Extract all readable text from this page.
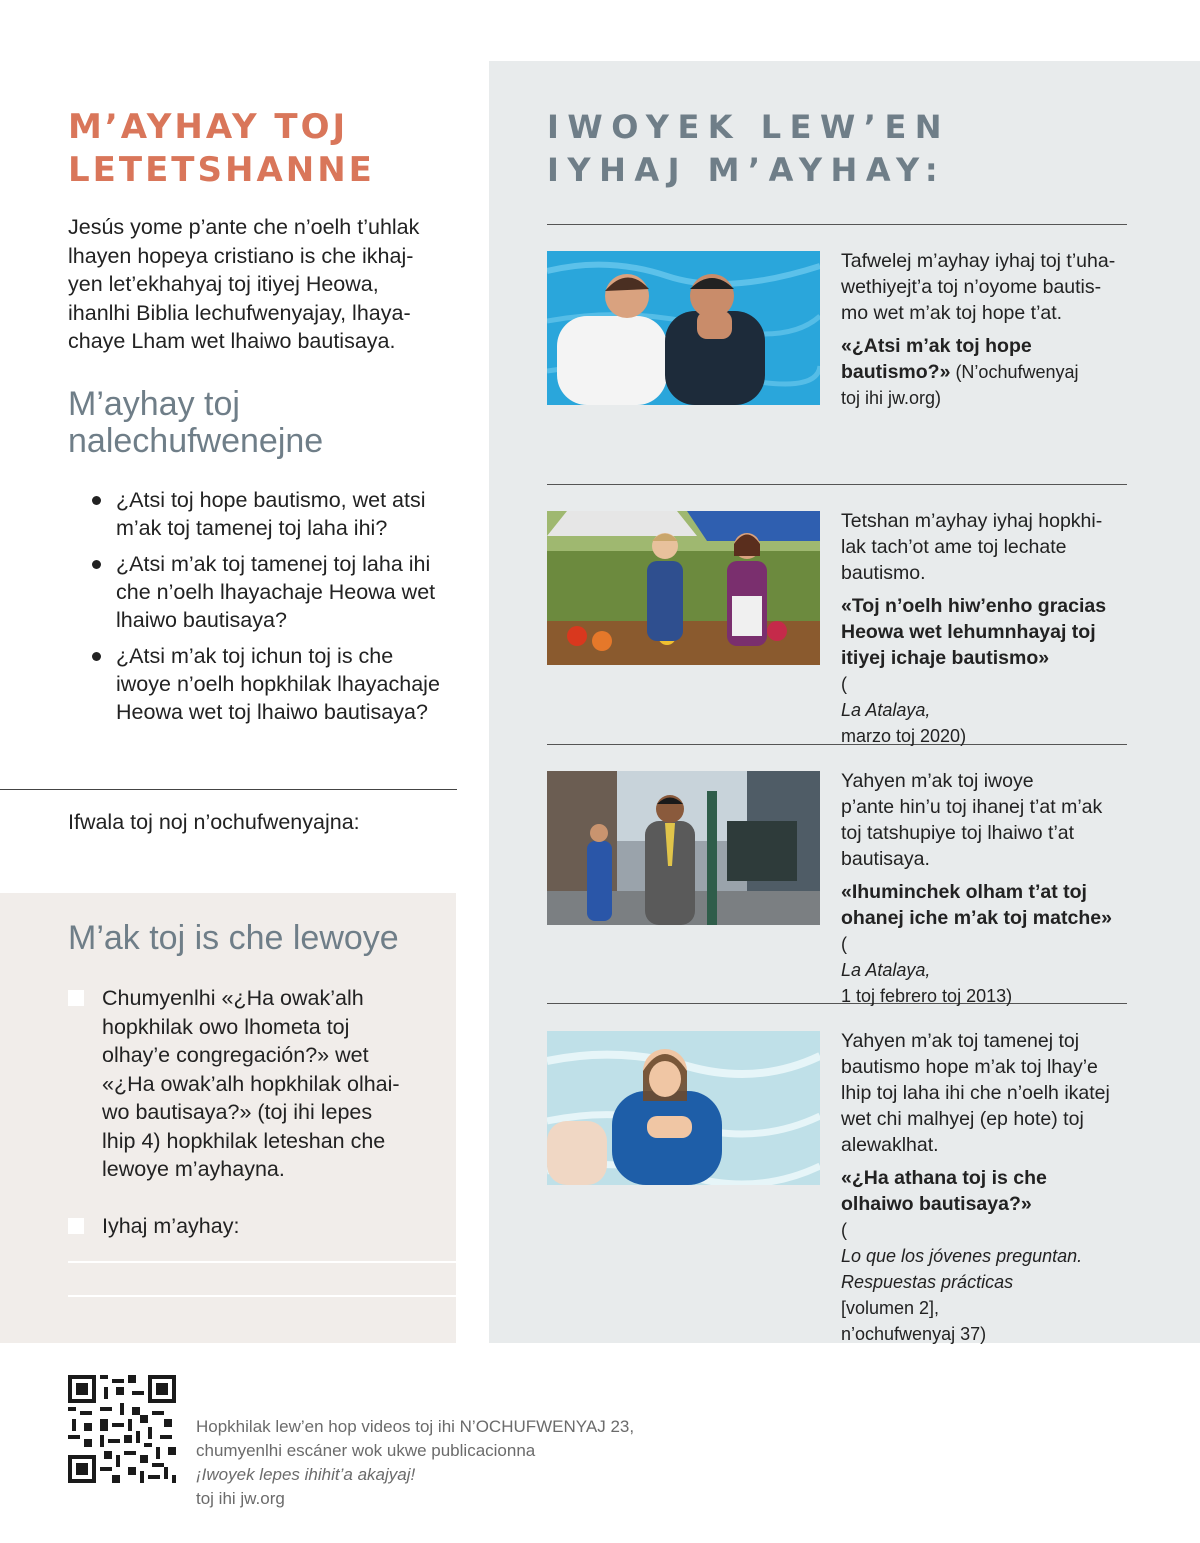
M’AYHAY TOJ
LETETSHANNE
Jesús yome p’ante che n’oelh t’uhlak
lhayen hopeya cristiano is che ikhaj-
yen let’ekhahyaj toj itiyej Heowa,
ihanlhi Biblia lechufwenyajay, lhaya-
chaye Lham wet lhaiwo bautisaya.
M’ayhay toj
nalechufwenejne
¿Atsi toj hope bautismo, wet atsi
m’ak toj tamenej toj laha ihi?
¿Atsi m’ak toj tamenej toj laha ihi
che n’oelh lhayachaje Heowa wet
lhaiwo bautisaya?
¿Atsi m’ak toj ichun toj is che
iwoye n’oelh hopkhilak lhayachaje
Heowa wet toj lhaiwo bautisaya?
Ifwala toj noj n’ochufwenyajna:
M’ak toj is che lewoye
Chumyenlhi «¿Ha owak’alh
hopkhilak owo lhometa toj
olhay’e congregación?» wet
«¿Ha owak’alh hopkhilak olhai-
wo bautisaya?» (toj ihi lepes
lhip 4) hopkhilak leteshan che
lewoye m’ayhayna.
Iyhaj m’ayhay:
IWOYEK LEW’EN
IYHAJ M’AYHAY:
Tafwelej m’ayhay iyhaj toj t’uha-
wethiyejt’a toj n’oyome bautis-
mo wet m’ak toj hope t’at.
«¿Atsi m’ak toj hope
bautismo?» (N’ochufwenyaj
toj ihi jw.org)
Tetshan m’ayhay iyhaj hopkhi-
lak tach’ot ame toj lechate
bautismo.
«Toj n’oelh hiw’enho gracias
Heowa wet lehumnhayaj toj
itiyej ichaje bautismo»
(
La Atalaya,
marzo toj 2020)
Yahyen m’ak toj iwoye
p’ante hin’u toj ihanej t’at m’ak
toj tatshupiye toj lhaiwo t’at
bautisaya.
«Ihuminchek olham t’at toj
ohanej iche m’ak toj matche»
(
La Atalaya,
1 toj febrero toj 2013)
Yahyen m’ak toj tamenej toj
bautismo hope m’ak toj lhay’e
lhip toj laha ihi che n’oelh ikatej
wet chi malhyej (ep hote) toj
alewaklhat.
«¿Ha athana toj is che
olhaiwo bautisaya?»
(
Lo que los jóvenes preguntan.
Respuestas prácticas
[volumen 2],
n’ochufwenyaj 37)
Hopkhilak lew’en hop videos toj ihi N’OCHUFWENYAJ 23,
chumyenlhi escáner wok ukwe publicacionna
¡Iwoyek lepes ihihit’a akajyaj!
toj ihi jw.org
